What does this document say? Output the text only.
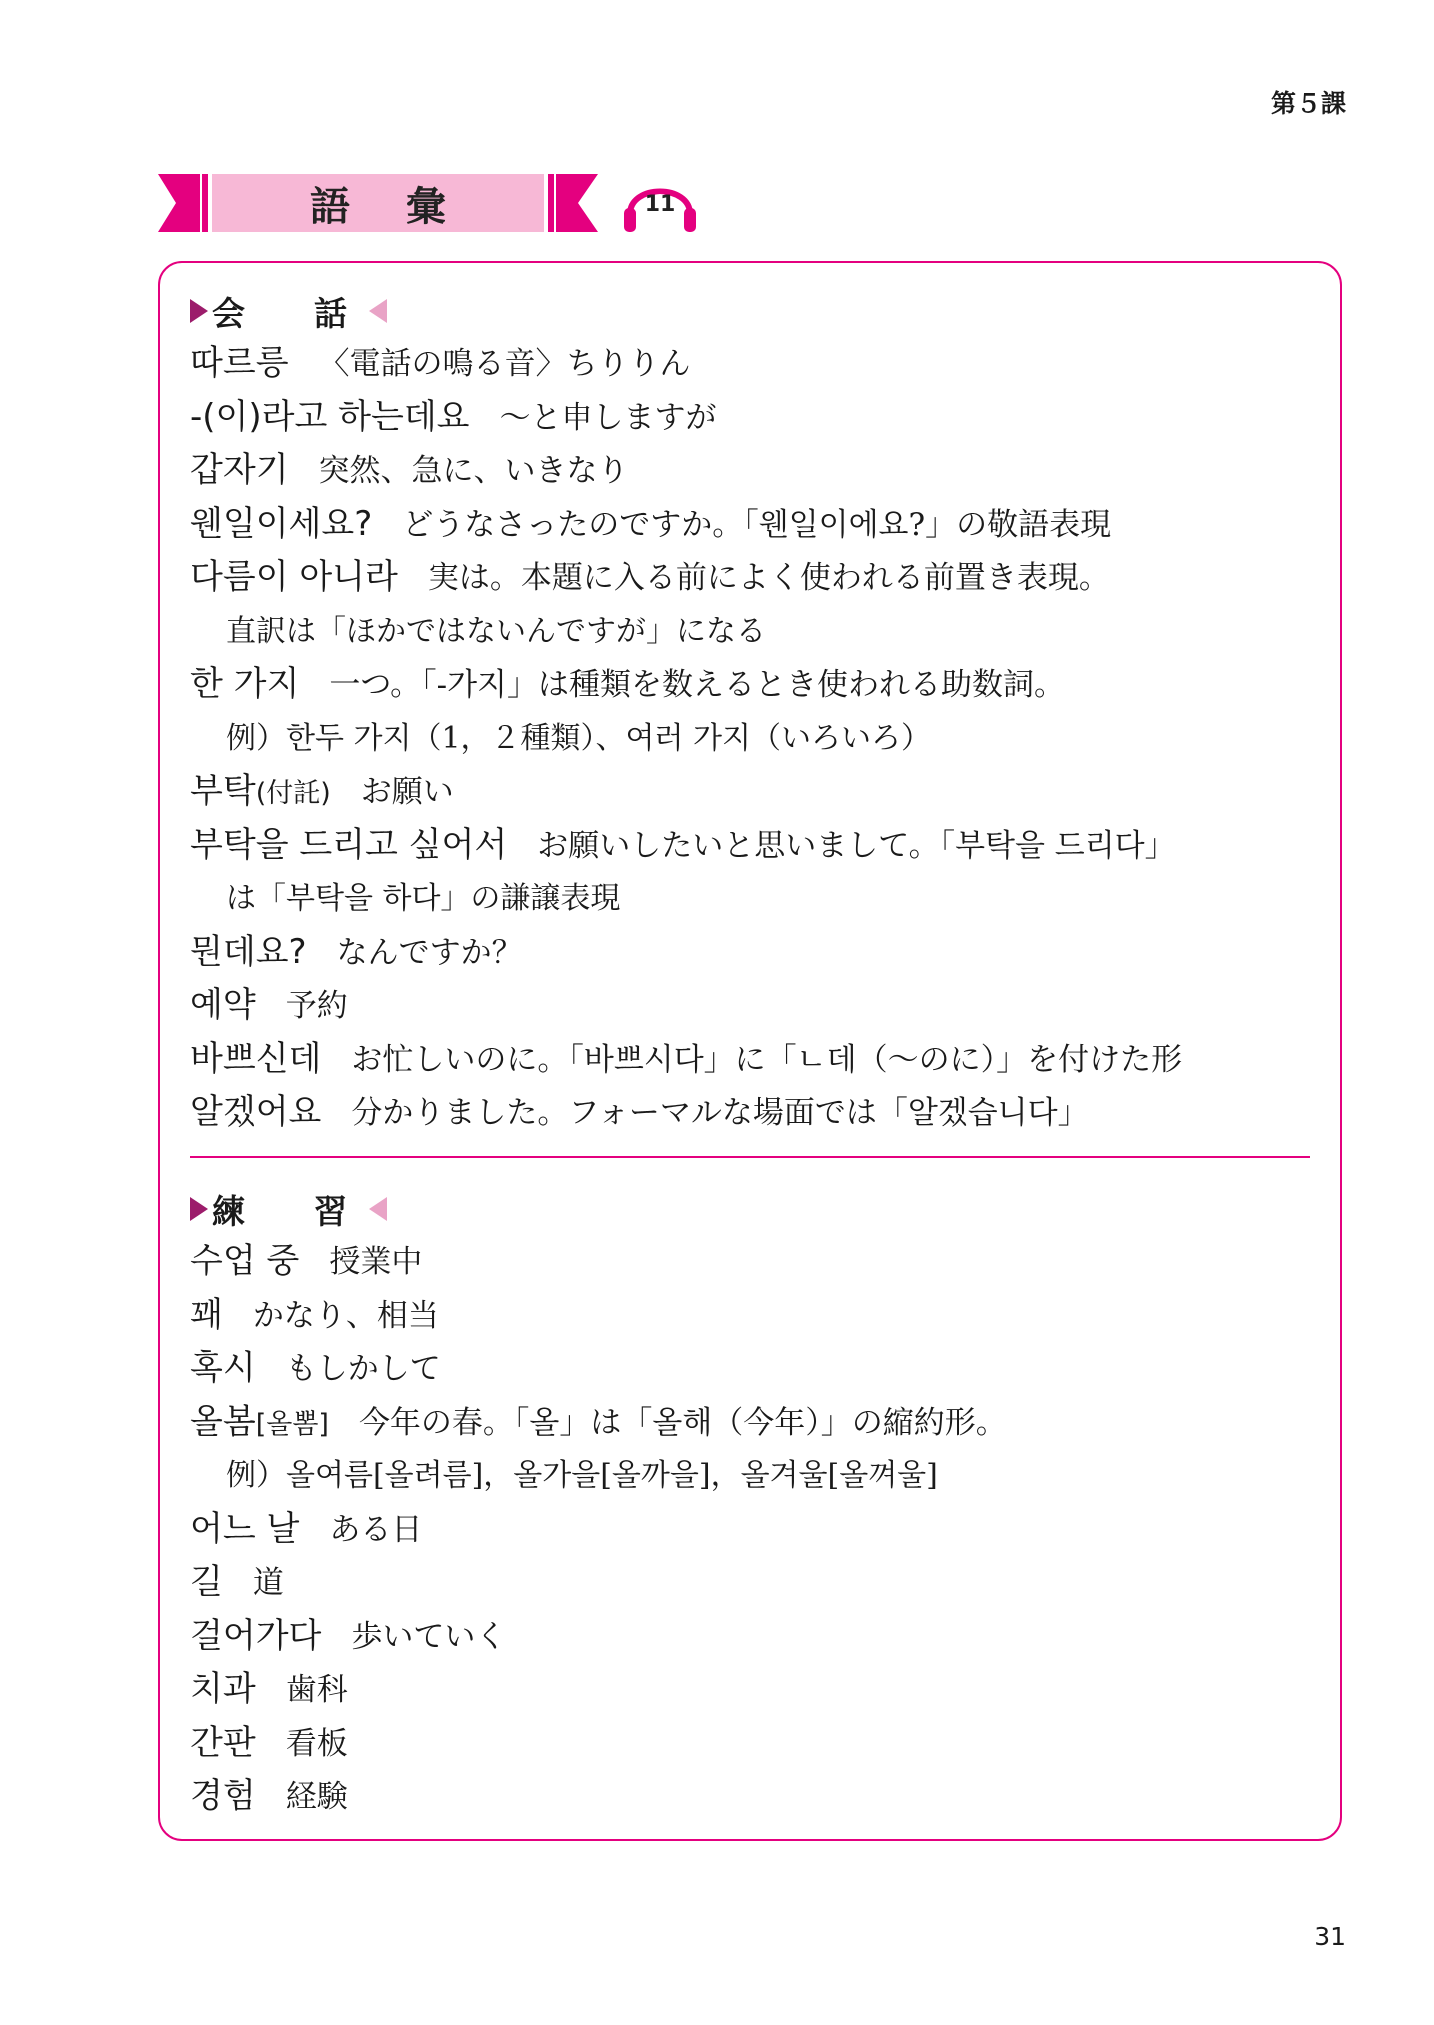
第５課
語 彙	11
会　話
따르릉 〈電話の鳴る音〉ちりりん
-(이)라고 하는데요 ～と申しますが
갑자기 突然、急に、いきなり
웬일이세요? どうなさったのですか。「웬일이에요?」の敬語表現
다름이 아니라 実は。本題に入る前によく使われる前置き表現。
直訳は「ほかではないんですが」になる
한 가지 一つ。「-가지」は種類を数えるとき使われる助数詞。
例）한두 가지（1，２種類）、여러 가지（いろいろ）
부탁(付託) お願い
부탁을 드리고 싶어서 お願いしたいと思いまして。「부탁을 드리다」
は「부탁을 하다」の謙譲表現
뭔데요? なんですか？
예약 予約
바쁘신데 お忙しいのに。「바쁘시다」に「ㄴ데（～のに）」を付けた形
알겠어요 分かりました。フォーマルな場面では「알겠습니다」
練　習
수업 중 授業中
꽤 かなり、相当
혹시 もしかして
올봄[올뽐] 今年の春。「올」は「올해（今年）」の縮約形。
例）올여름[올려름]，올가을[올까을]，올겨울[올껴울]
어느 날 ある日
길 道
걸어가다 歩いていく
치과 歯科
간판 看板
경험 経験
31
